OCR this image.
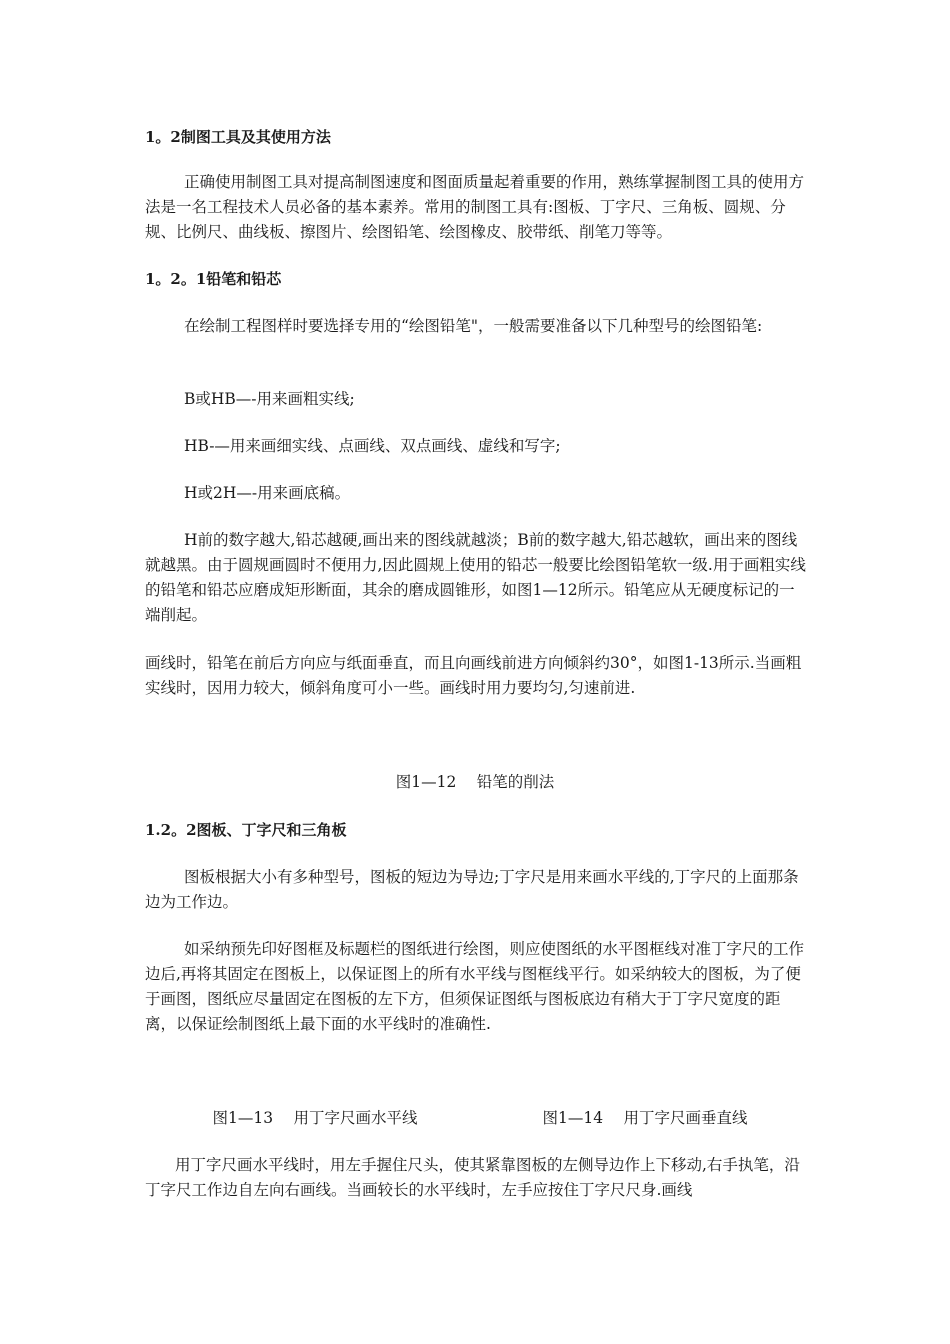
1。2制图工具及其使用方法

正确使用制图工具对提高制图速度和图面质量起着重要的作用，熟练掌握制图工具的使用方法是一名工程技术人员必备的基本素养。常用的制图工具有:图板、丁字尺、三角板、圆规、分规、比例尺、曲线板、擦图片、绘图铅笔、绘图橡皮、胶带纸、削笔刀等等。

1。2。1铅笔和铅芯

在绘制工程图样时要选择专用的“绘图铅笔"，一般需要准备以下几种型号的绘图铅笔:

B或HB—-用来画粗实线;

HB-—用来画细实线、点画线、双点画线、虚线和写字;

H或2H—-用来画底稿。

H前的数字越大,铅芯越硬,画出来的图线就越淡；B前的数字越大,铅芯越软，画出来的图线就越黑。由于圆规画圆时不便用力,因此圆规上使用的铅芯一般要比绘图铅笔软一级.用于画粗实线的铅笔和铅芯应磨成矩形断面，其余的磨成圆锥形，如图1—12所示。铅笔应从无硬度标记的一端削起。

画线时，铅笔在前后方向应与纸面垂直，而且向画线前进方向倾斜约30°，如图1-13所示.当画粗实线时，因用力较大，倾斜角度可小一些。画线时用力要均匀,匀速前进.

图1—12　 铅笔的削法

1.2。2图板、丁字尺和三角板

图板根据大小有多种型号，图板的短边为导边;丁字尺是用来画水平线的,丁字尺的上面那条边为工作边。

如采纳预先印好图框及标题栏的图纸进行绘图，则应使图纸的水平图框线对准丁字尺的工作边后,再将其固定在图板上，以保证图上的所有水平线与图框线平行。如采纳较大的图板，为了便于画图，图纸应尽量固定在图板的左下方，但须保证图纸与图板底边有稍大于丁字尺宽度的距离，以保证绘制图纸上最下面的水平线时的准确性.

图1—13　 用丁字尺画水平线	图1—14　 用丁字尺画垂直线

用丁字尺画水平线时，用左手握住尺头，使其紧靠图板的左侧导边作上下移动,右手执笔，沿丁字尺工作边自左向右画线。当画较长的水平线时，左手应按住丁字尺尺身.画线
